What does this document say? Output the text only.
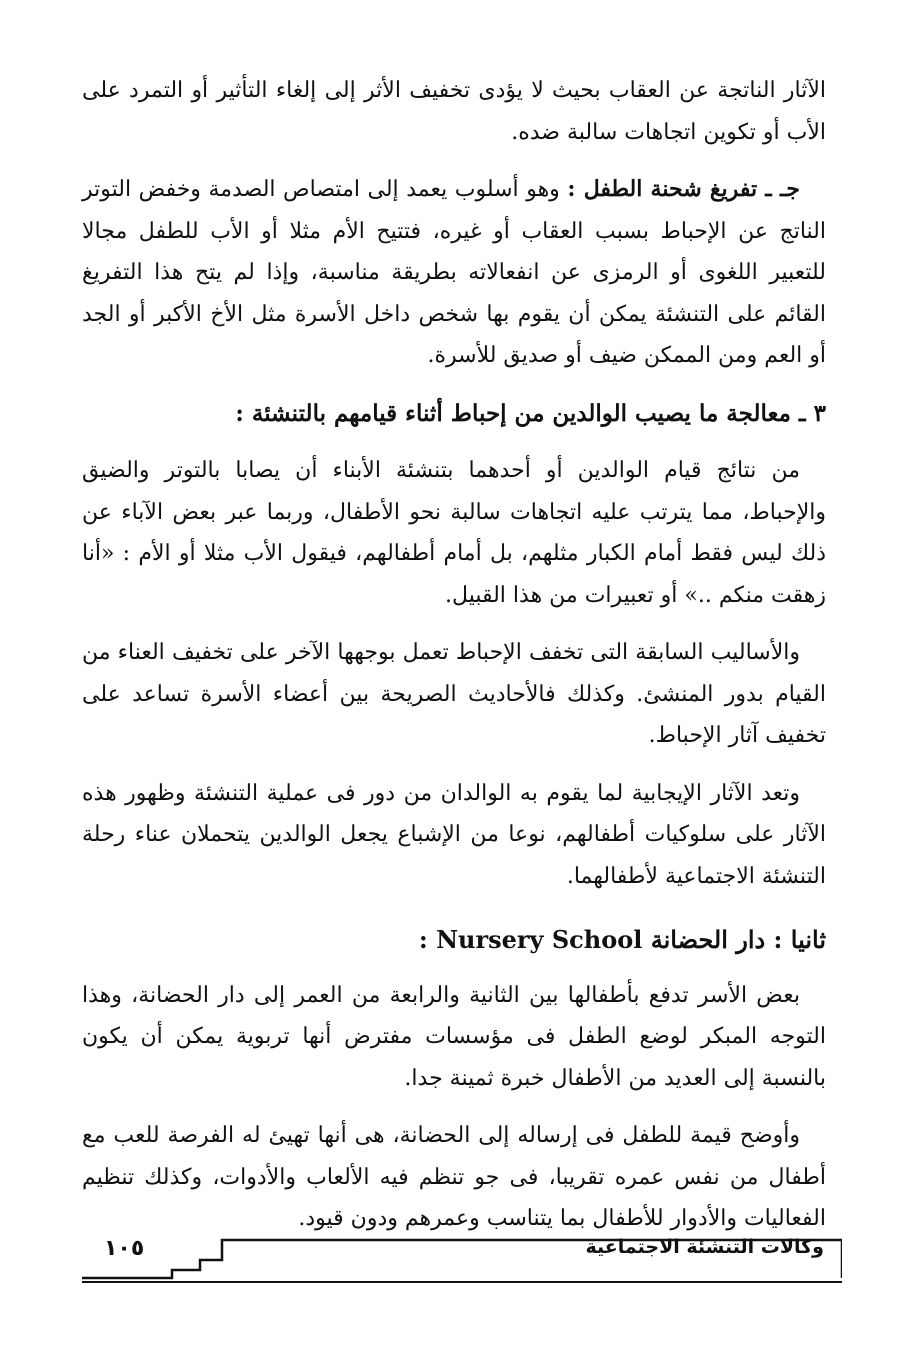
الآثار الناتجة عن العقاب بحيث لا يؤدى تخفيف الأثر إلى إلغاء التأثير أو التمرد على الأب أو تكوين اتجاهات سالبة ضده.

جـ ـ تفريغ شحنة الطفل : وهو أسلوب يعمد إلى امتصاص الصدمة وخفض التوتر الناتج عن الإحباط بسبب العقاب أو غيره، فتتيح الأم مثلا أو الأب للطفل مجالا للتعبير اللغوى أو الرمزى عن انفعالاته بطريقة مناسبة، وإذا لم يتح هذا التفريغ القائم على التنشئة يمكن أن يقوم بها شخص داخل الأسرة مثل الأخ الأكبر أو الجد أو العم ومن الممكن ضيف أو صديق للأسرة.

٣ ـ معالجة ما يصيب الوالدين من إحباط أثناء قيامهم بالتنشئة :

من نتائج قيام الوالدين أو أحدهما بتنشئة الأبناء أن يصابا بالتوتر والضيق والإحباط، مما يترتب عليه اتجاهات سالبة نحو الأطفال، وربما عبر بعض الآباء عن ذلك ليس فقط أمام الكبار مثلهم، بل أمام أطفالهم، فيقول الأب مثلا أو الأم : «أنا زهقت منكم ..» أو تعبيرات من هذا القبيل.

والأساليب السابقة التى تخفف الإحباط تعمل بوجهها الآخر على تخفيف العناء من القيام بدور المنشئ. وكذلك فالأحاديث الصريحة بين أعضاء الأسرة تساعد على تخفيف آثار الإحباط.

وتعد الآثار الإيجابية لما يقوم به الوالدان من دور فى عملية التنشئة وظهور هذه الآثار على سلوكيات أطفالهم، نوعا من الإشباع يجعل الوالدين يتحملان عناء رحلة التنشئة الاجتماعية لأطفالهما.

ثانيا : دار الحضانة Nursery School :

بعض الأسر تدفع بأطفالها بين الثانية والرابعة من العمر إلى دار الحضانة، وهذا التوجه المبكر لوضع الطفل فى مؤسسات مفترض أنها تربوية يمكن أن يكون بالنسبة إلى العديد من الأطفال خبرة ثمينة جدا.

وأوضح قيمة للطفل فى إرساله إلى الحضانة، هى أنها تهيئ له الفرصة للعب مع أطفال من نفس عمره تقريبا، فى جو تنظم فيه الألعاب والأدوات، وكذلك تنظيم الفعاليات والأدوار للأطفال بما يتناسب وعمرهم ودون قيود.

١٠٥	وكالات التنشئة الاجتماعية
